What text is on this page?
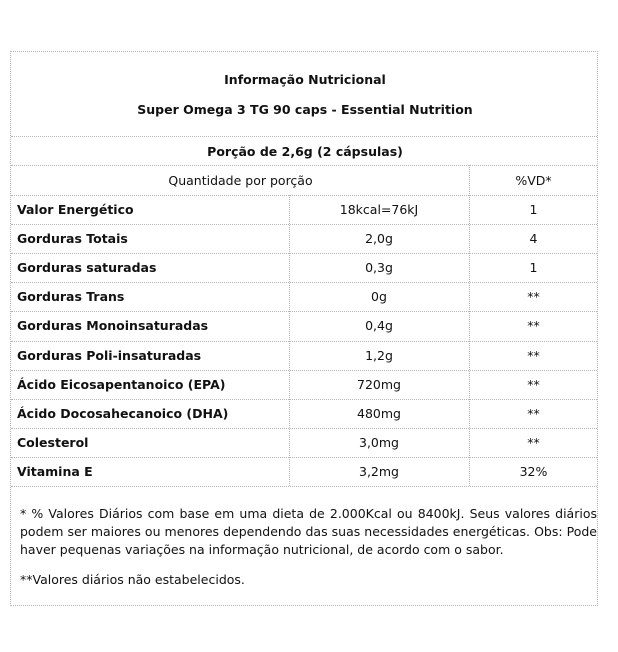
Informação Nutricional
Super Omega 3 TG 90 caps - Essential Nutrition
Porção de 2,6g (2 cápsulas)
Quantidade por porção	%VD*
Valor Energético	18kcal=76kJ	1
Gorduras Totais	2,0g	4
Gorduras saturadas	0,3g	1
Gorduras Trans	0g	**
Gorduras Monoinsaturadas	0,4g	**
Gorduras Poli-insaturadas	1,2g	**
Ácido Eicosapentanoico (EPA)	720mg	**
Ácido Docosahecanoico (DHA)	480mg	**
Colesterol	3,0mg	**
Vitamina E	3,2mg	32%
* % Valores Diários com base em uma dieta de 2.000Kcal ou 8400kJ. Seus valores diários podem ser maiores ou menores dependendo das suas necessidades energéticas. Obs: Pode haver pequenas variações na informação nutricional, de acordo com o sabor.
**Valores diários não estabelecidos.
